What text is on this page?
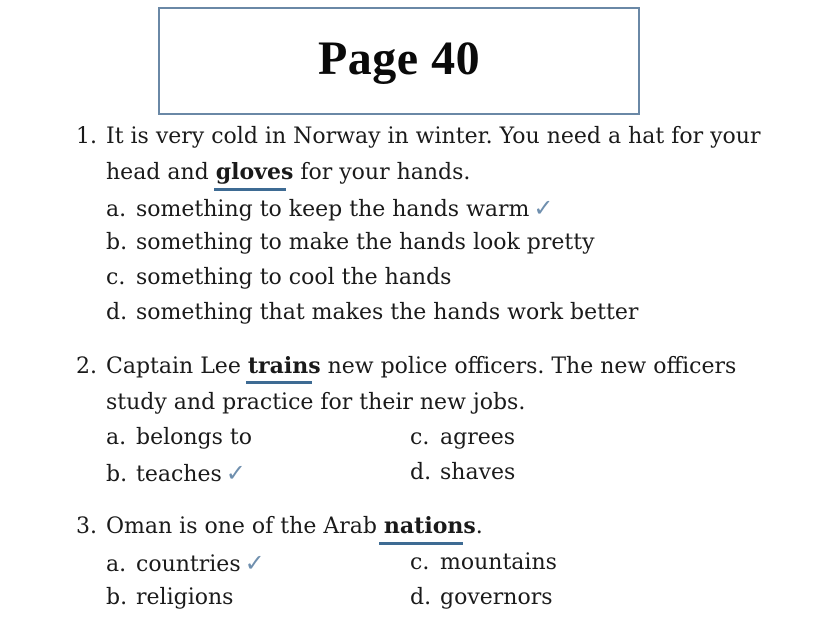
Page 40
1. It is very cold in Norway in winter. You need a hat for your
head and gloves for your hands.
a. something to keep the hands warm ✓
b. something to make the hands look pretty
c. something to cool the hands
d. something that makes the hands work better
2. Captain Lee trains new police officers. The new officers
study and practice for their new jobs.
a. belongs to
b. teaches ✓
c. agrees
d. shaves
3. Oman is one of the Arab nations.
a. countries ✓
b. religions
c. mountains
d. governors
